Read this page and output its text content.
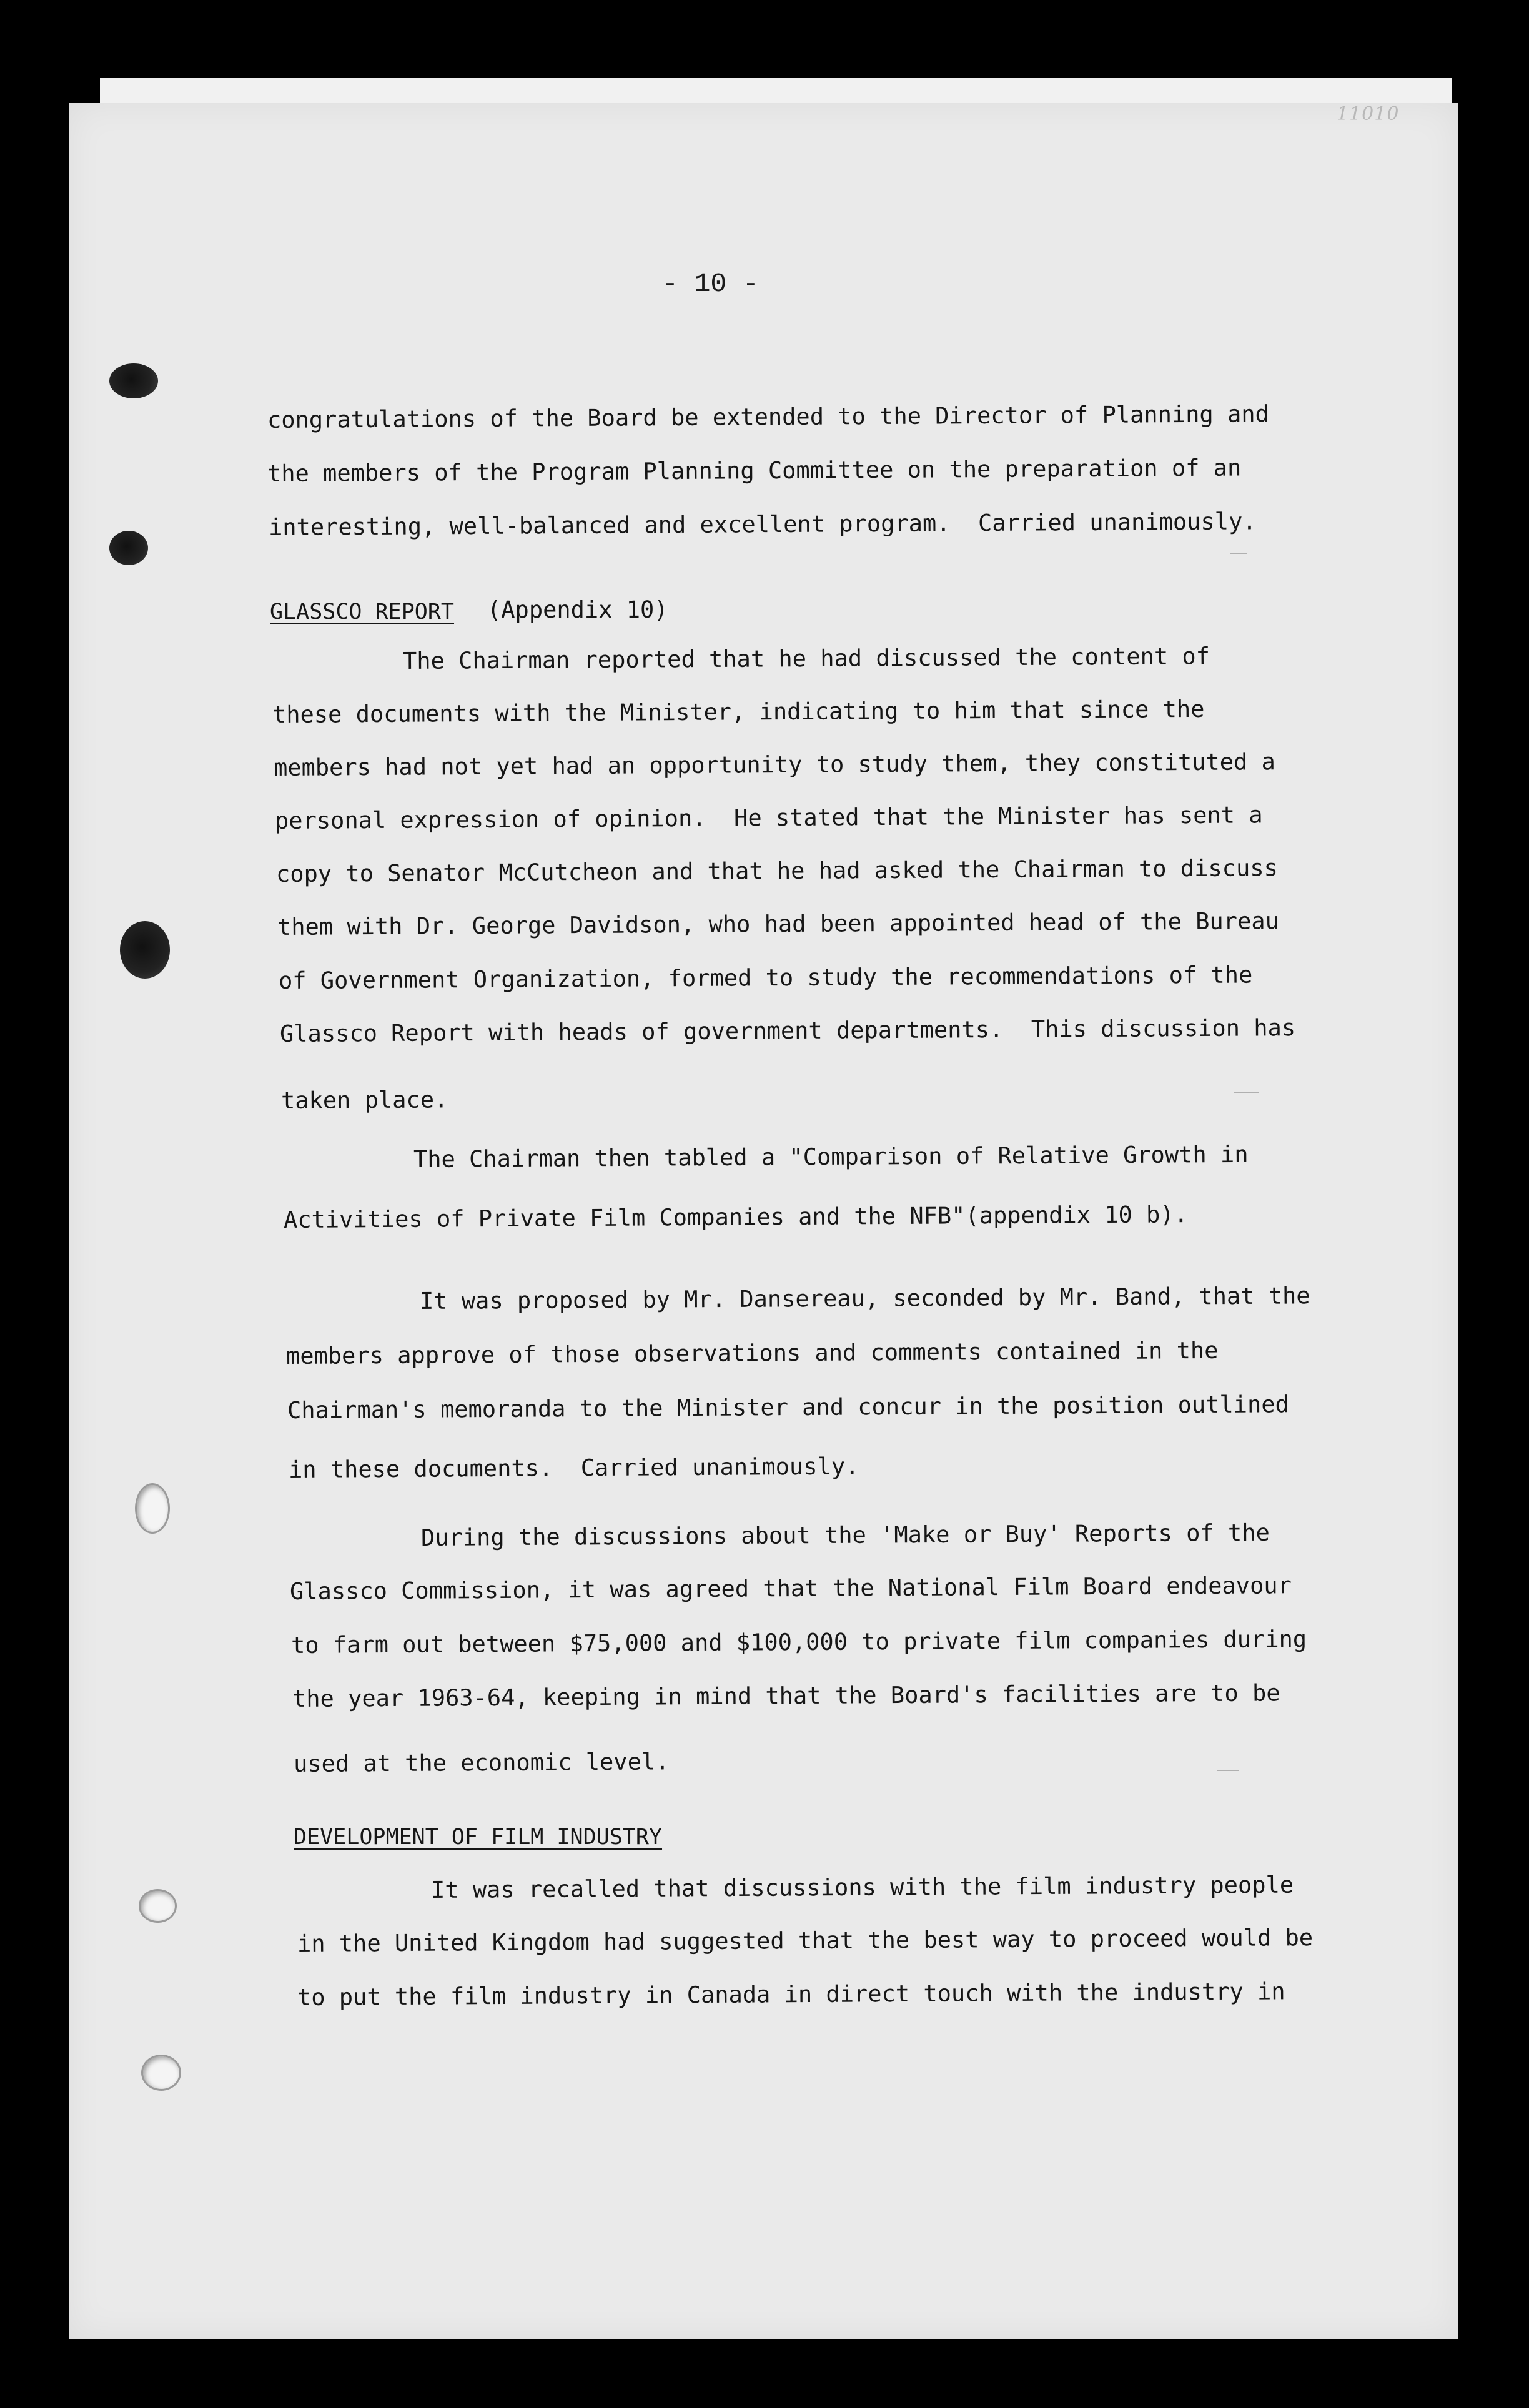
11010
- 10 -
congratulations of the Board be extended to the Director of Planning and
the members of the Program Planning Committee on the preparation of an
interesting, well-balanced and excellent program.  Carried unanimously.
GLASSCO REPORT (Appendix 10)
The Chairman reported that he had discussed the content of
these documents with the Minister, indicating to him that since the
members had not yet had an opportunity to study them, they constituted a
personal expression of opinion.  He stated that the Minister has sent a
copy to Senator McCutcheon and that he had asked the Chairman to discuss
them with Dr. George Davidson, who had been appointed head of the Bureau
of Government Organization, formed to study the recommendations of the
Glassco Report with heads of government departments.  This discussion has
taken place.
The Chairman then tabled a "Comparison of Relative Growth in
Activities of Private Film Companies and the NFB"(appendix 10 b).
It was proposed by Mr. Dansereau, seconded by Mr. Band, that the
members approve of those observations and comments contained in the
Chairman's memoranda to the Minister and concur in the position outlined
in these documents.  Carried unanimously.
During the discussions about the 'Make or Buy' Reports of the
Glassco Commission, it was agreed that the National Film Board endeavour
to farm out between $75,000 and $100,000 to private film companies during
the year 1963-64, keeping in mind that the Board's facilities are to be
used at the economic level.
DEVELOPMENT OF FILM INDUSTRY
It was recalled that discussions with the film industry people
in the United Kingdom had suggested that the best way to proceed would be
to put the film industry in Canada in direct touch with the industry in
